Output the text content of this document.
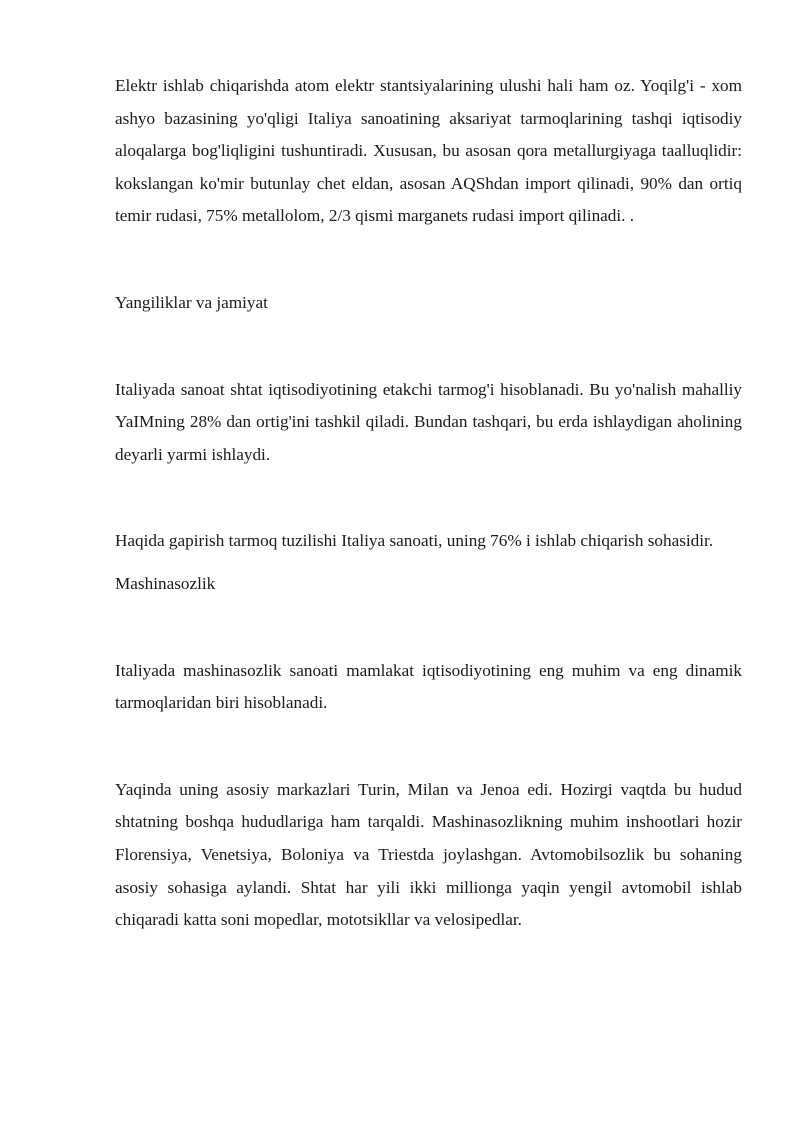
Elektr ishlab chiqarishda atom elektr stantsiyalarining ulushi hali ham oz. Yoqilg'i - xom ashyo bazasining yo'qligi Italiya sanoatining aksariyat tarmoqlarining tashqi iqtisodiy aloqalarga bog'liqligini tushuntiradi. Xususan, bu asosan qora metallurgiyaga taalluqlidir: kokslangan ko'mir butunlay chet eldan, asosan AQShdan import qilinadi, 90% dan ortiq temir rudasi, 75% metallolom, 2/3 qismi marganets rudasi import qilinadi. .

Yangiliklar va jamiyat

Italiyada sanoat shtat iqtisodiyotining etakchi tarmog'i hisoblanadi. Bu yo'nalish mahalliy YaIMning 28% dan ortig'ini tashkil qiladi. Bundan tashqari, bu erda ishlaydigan aholining deyarli yarmi ishlaydi.

Haqida gapirish tarmoq tuzilishi Italiya sanoati, uning 76% i ishlab chiqarish sohasidir.

Mashinasozlik

Italiyada mashinasozlik sanoati mamlakat iqtisodiyotining eng muhim va eng dinamik tarmoqlaridan biri hisoblanadi.

Yaqinda uning asosiy markazlari Turin, Milan va Jenoa edi. Hozirgi vaqtda bu hudud shtatning boshqa hududlariga ham tarqaldi. Mashinasozlikning muhim inshootlari hozir Florensiya, Venetsiya, Boloniya va Triestda joylashgan. Avtomobilsozlik bu sohaning asosiy sohasiga aylandi. Shtat har yili ikki millionga yaqin yengil avtomobil ishlab chiqaradi katta soni mopedlar, mototsikllar va velosipedlar.
